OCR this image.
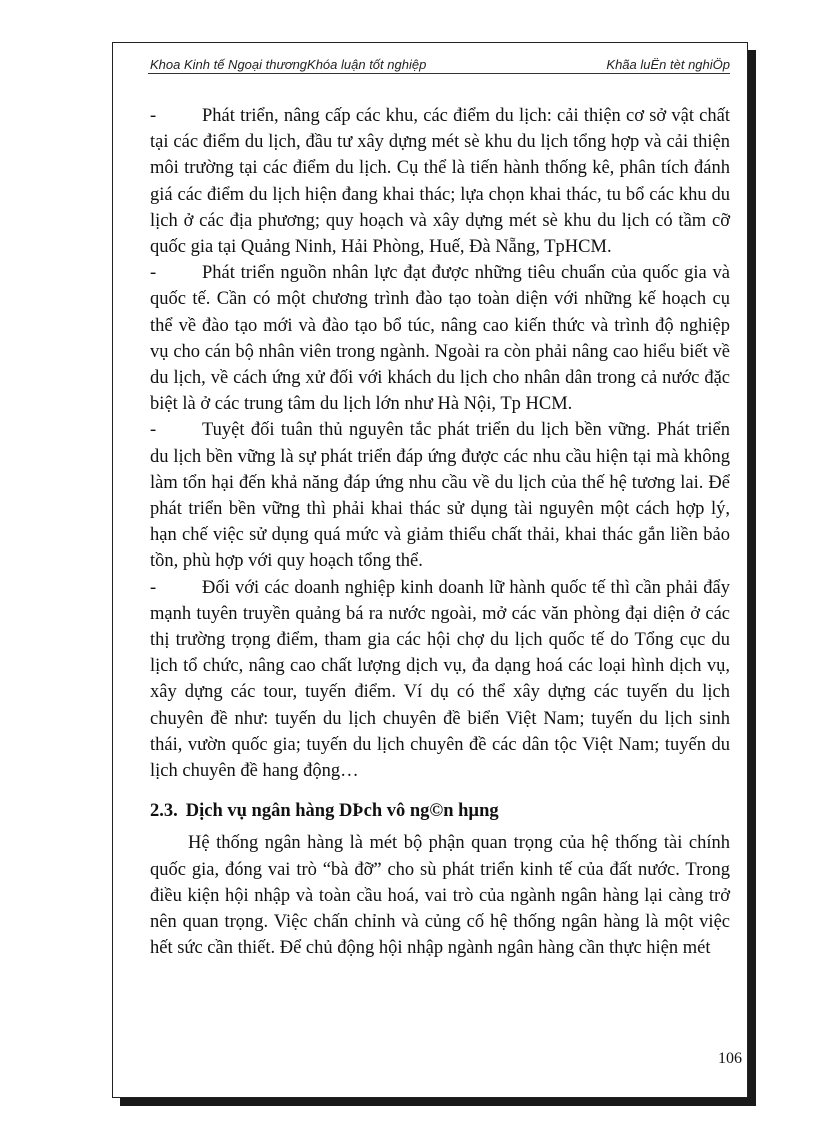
Khoa Kinh tế Ngoại thươngKhóa luận tốt nghiệp	Khãa luËn tèt nghiÖp

- Phát triển, nâng cấp các khu, các điểm du lịch: cải thiện cơ sở vật chất tại các điểm du lịch, đầu tư xây dựng mét sè khu du lịch tổng hợp và cải thiện môi trường tại các điểm du lịch. Cụ thể là tiến hành thống kê, phân tích đánh giá các điểm du lịch hiện đang khai thác; lựa chọn khai thác, tu bổ các khu du lịch ở các địa phương; quy hoạch và xây dựng mét sè khu du lịch có tầm cỡ quốc gia tại Quảng Ninh, Hải Phòng, Huế, Đà Nẵng, TpHCM.

- Phát triển nguồn nhân lực đạt được những tiêu chuẩn của quốc gia và quốc tế. Cần có một chương trình đào tạo toàn diện với những kế hoạch cụ thể về đào tạo mới và đào tạo bổ túc, nâng cao kiến thức và trình độ nghiệp vụ cho cán bộ nhân viên trong ngành. Ngoài ra còn phải nâng cao hiểu biết về du lịch, về cách ứng xử đối với khách du lịch cho nhân dân trong cả nước đặc biệt là ở các trung tâm du lịch lớn như Hà Nội, Tp HCM.

- Tuyệt đối tuân thủ nguyên tắc phát triển du lịch bền vững. Phát triển du lịch bền vững là sự phát triển đáp ứng được các nhu cầu hiện tại mà không làm tổn hại đến khả năng đáp ứng nhu cầu về du lịch của thế hệ tương lai. Để phát triển bền vững thì phải khai thác sử dụng tài nguyên một cách hợp lý, hạn chế việc sử dụng quá mức và giảm thiểu chất thải, khai thác gắn liền bảo tồn, phù hợp với quy hoạch tổng thể.

- Đối với các doanh nghiệp kinh doanh lữ hành quốc tế thì cần phải đẩy mạnh tuyên truyền quảng bá ra nước ngoài, mở các văn phòng đại diện ở các thị trường trọng điểm, tham gia các hội chợ du lịch quốc tế do Tổng cục du lịch tổ chức, nâng cao chất lượng dịch vụ, đa dạng hoá các loại hình dịch vụ, xây dựng các tour, tuyến điểm. Ví dụ có thể xây dựng các tuyến du lịch chuyên đề như: tuyến du lịch chuyên đề biển Việt Nam; tuyến du lịch sinh thái, vườn quốc gia; tuyến du lịch chuyên đề các dân tộc Việt Nam; tuyến du lịch chuyên đề hang động…

2.3. Dịch vụ ngân hàng DÞch vô ng©n hµng

Hệ thống ngân hàng là mét bộ phận quan trọng của hệ thống tài chính quốc gia, đóng vai trò “bà đỡ” cho sù phát triển kinh tế của đất nước. Trong điều kiện hội nhập và toàn cầu hoá, vai trò của ngành ngân hàng lại càng trở nên quan trọng. Việc chấn chỉnh và củng cố hệ thống ngân hàng là một việc hết sức cần thiết. Để chủ động hội nhập ngành ngân hàng cần thực hiện mét

106
